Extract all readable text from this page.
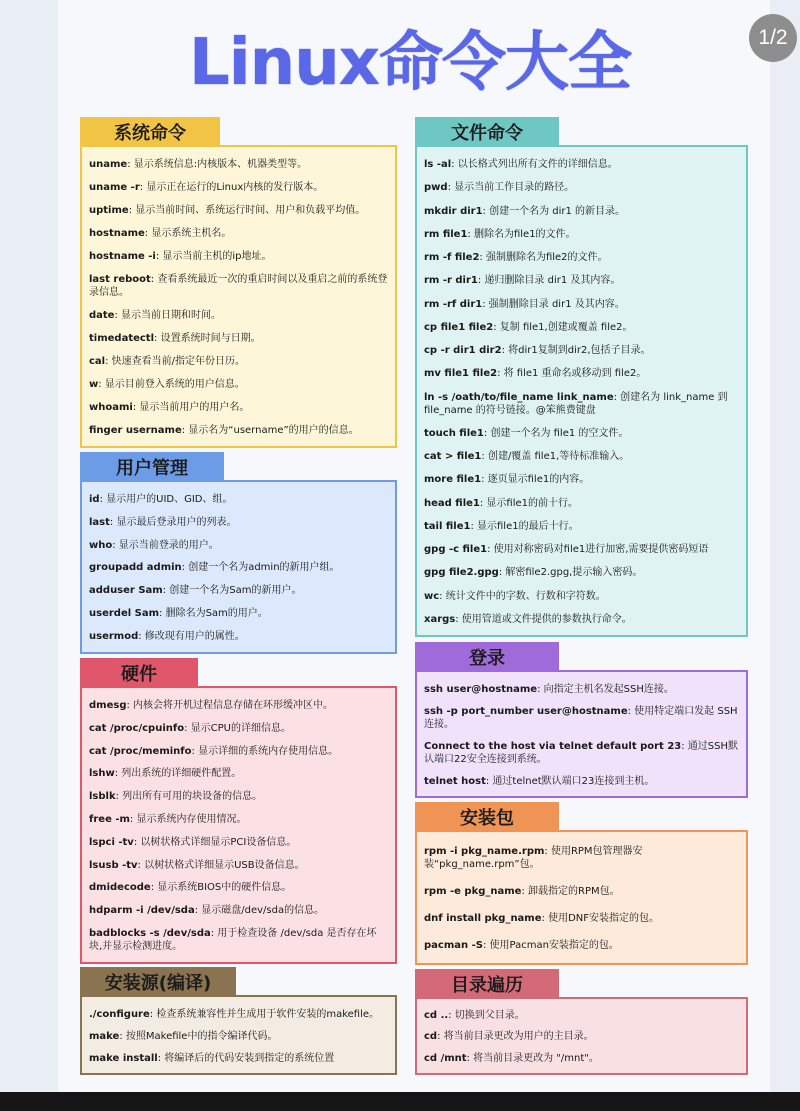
Linux命令大全	1/2
uname: 显示系统信息:内核版本、机器类型等。
uname -r: 显示正在运行的Linux内核的发行版本。
uptime: 显示当前时间、系统运行时间、用户和负载平均值。
hostname: 显示系统主机名。
hostname -i: 显示当前主机的ip地址。
last reboot: 查看系统最近一次的重启时间以及重启之前的系统登录信息。
date: 显示当前日期和时间。
timedatectl: 设置系统时间与日期。
cal: 快速查看当前/指定年份日历。
w: 显示目前登入系统的用户信息。
whoami: 显示当前用户的用户名。
finger username: 显示名为“username”的用户的信息。
系统命令
id: 显示用户的UID、GID、组。
last: 显示最后登录用户的列表。
who: 显示当前登录的用户。
groupadd admin: 创建一个名为admin的新用户组。
adduser Sam: 创建一个名为Sam的新用户。
userdel Sam: 删除名为Sam的用户。
usermod: 修改现有用户的属性。
用户管理
dmesg: 内核会将开机过程信息存储在环形缓冲区中。
cat /proc/cpuinfo: 显示CPU的详细信息。
cat /proc/meminfo: 显示详细的系统内存使用信息。
lshw: 列出系统的详细硬件配置。
lsblk: 列出所有可用的块设备的信息。
free -m: 显示系统内存使用情况。
lspci -tv: 以树状格式详细显示PCI设备信息。
lsusb -tv: 以树状格式详细显示USB设备信息。
dmidecode: 显示系统BIOS中的硬件信息。
hdparm -i /dev/sda: 显示磁盘/dev/sda的信息。
badblocks -s /dev/sda: 用于检查设备 /dev/sda 是否存在坏块,并显示检测进度。
硬件
./configure: 检查系统兼容性并生成用于软件安装的makefile。
make: 按照Makefile中的指令编译代码。
make install: 将编译后的代码安装到指定的系统位置
安装源(编译)
ls -al: 以长格式列出所有文件的详细信息。
pwd: 显示当前工作目录的路径。
mkdir dir1: 创建一个名为 dir1 的新目录。
rm file1: 删除名为file1的文件。
rm -f file2: 强制删除名为file2的文件。
rm -r dir1: 递归删除目录 dir1 及其内容。
rm -rf dir1: 强制删除目录 dir1 及其内容。
cp file1 file2: 复制 file1,创建或覆盖 file2。
cp -r dir1 dir2: 将dir1复制到dir2,包括子目录。
mv file1 file2: 将 file1 重命名或移动到 file2。
ln -s /oath/to/file_name link_name: 创建名为 link_name 到 file_name 的符号链接。@笨熊费键盘
touch file1: 创建一个名为 file1 的空文件。
cat > file1: 创建/覆盖 file1,等待标准输入。
more file1: 逐页显示file1的内容。
head file1: 显示file1的前十行。
tail file1: 显示file1的最后十行。
gpg -c file1: 使用对称密码对file1进行加密,需要提供密码短语
gpg file2.gpg: 解密file2.gpg,提示输入密码。
wc: 统计文件中的字数、行数和字符数。
xargs: 使用管道或文件提供的参数执行命令。
文件命令
ssh user@hostname: 向指定主机名发起SSH连接。
ssh -p port_number user@hostname: 使用特定端口发起 SSH 连接。
Connect to the host via telnet default port 23: 通过SSH默认端口22安全连接到系统。
telnet host: 通过telnet默认端口23连接到主机。
登录
rpm -i pkg_name.rpm: 使用RPM包管理器安装“pkg_name.rpm”包。
rpm -e pkg_name: 卸载指定的RPM包。
dnf install pkg_name: 使用DNF安装指定的包。
pacman -S: 使用Pacman安装指定的包。
安装包
cd ..: 切换到父目录。
cd: 将当前目录更改为用户的主目录。
cd /mnt: 将当前目录更改为 "/mnt"。
目录遍历
